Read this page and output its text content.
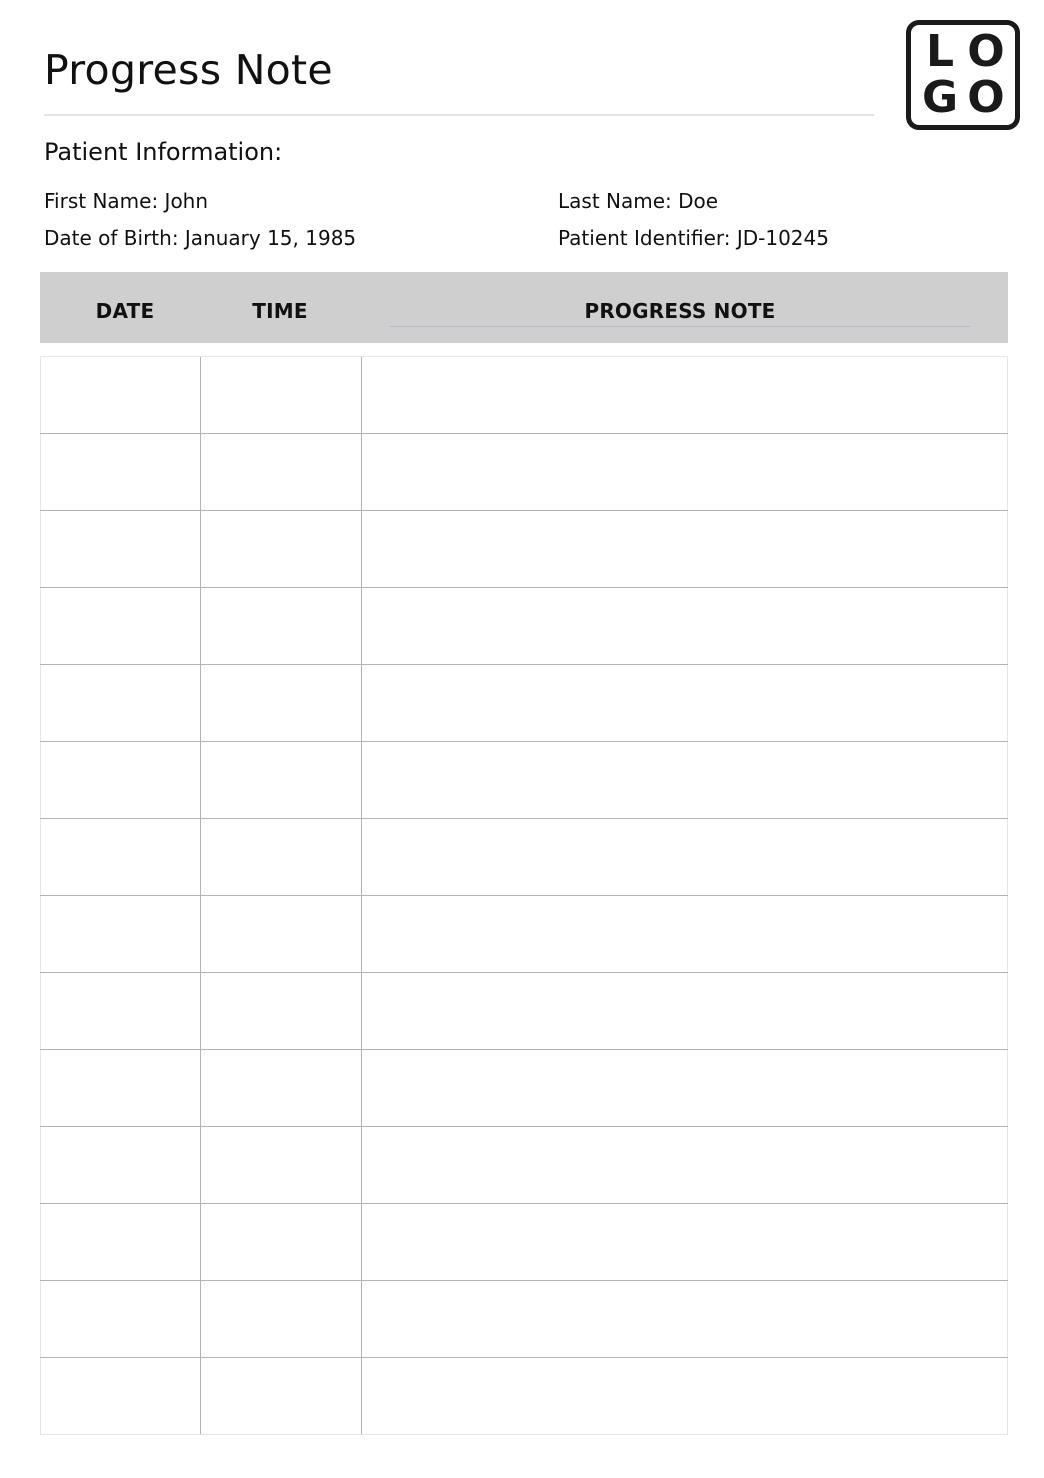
Progress Note	L O
G O
Patient Information:
First Name: John	Last Name: Doe
Date of Birth: January 15, 1985	Patient Identifier: JD-10245
DATE	TIME	PROGRESS NOTE
